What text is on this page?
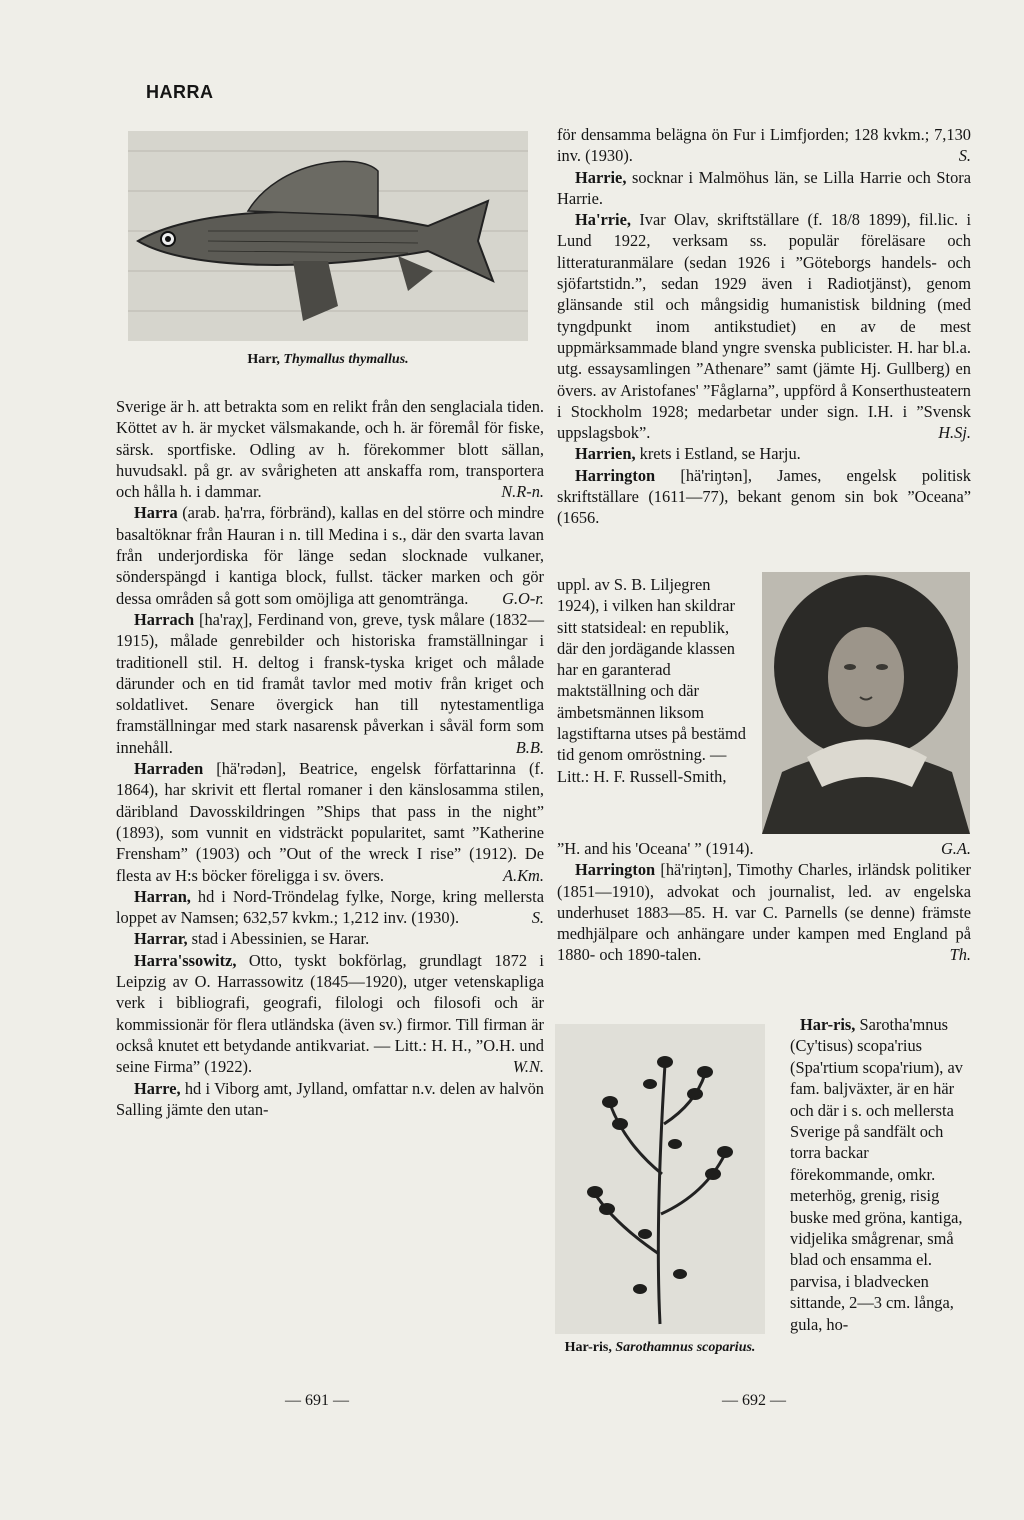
HARRA
Harr, Thymallus thymallus.

Sverige är h. att betrakta som en relikt från den senglaciala tiden. Köttet av h. är mycket välsmakande, och h. är föremål för fiske, särsk. sportfiske. Odling av h. förekommer blott sällan, huvudsakl. på gr. av svårigheten att anskaffa rom, transportera och hålla h. i dammar.	N.R-n.

Harra (arab. ḥa'rra, förbränd), kallas en del större och mindre basaltöknar från Hauran i n. till Medina i s., där den svarta lavan från underjordiska för länge sedan slocknade vulkaner, sönderspängd i kantiga block, fullst. täcker marken och gör dessa områden så gott som omöjliga att genomtränga.	G.O-r.

Harrach [ha'raχ], Ferdinand von, greve, tysk målare (1832—1915), målade genrebilder och historiska framställningar i traditionell stil. H. deltog i fransk-tyska kriget och målade därunder och en tid framåt tavlor med motiv från kriget och soldatlivet. Senare övergick han till nytestamentliga framställningar med stark nasarensk påverkan i såväl form som innehåll.	B.B.

Harraden [hä'rədən], Beatrice, engelsk författarinna (f. 1864), har skrivit ett flertal romaner i den känslosamma stilen, däribland Davosskildringen ”Ships that pass in the night” (1893), som vunnit en vidsträckt popularitet, samt ”Katherine Frensham” (1903) och ”Out of the wreck I rise” (1912). De flesta av H:s böcker föreligga i sv. övers.	A.Km.

Harran, hd i Nord-Tröndelag fylke, Norge, kring mellersta loppet av Namsen; 632,57 kvkm.; 1,212 inv. (1930).	S.

Harrar, stad i Abessinien, se Harar.

Harra'ssowitz, Otto, tyskt bokförlag, grundlagt 1872 i Leipzig av O. Harrassowitz (1845—1920), utger vetenskapliga verk i bibliografi, geografi, filologi och filosofi och är kommissionär för flera utländska (även sv.) firmor. Till firman är också knutet ett betydande antikvariat. — Litt.: H. H., ”O.H. und seine Firma” (1922).	W.N.

Harre, hd i Viborg amt, Jylland, omfattar n.v. delen av halvön Salling jämte den utan-

för densamma belägna ön Fur i Limfjorden; 128 kvkm.; 7,130 inv. (1930).	S.

Harrie, socknar i Malmöhus län, se Lilla Harrie och Stora Harrie.

Ha'rrie, Ivar Olav, skriftställare (f. 18/8 1899), fil.lic. i Lund 1922, verksam ss. populär föreläsare och litteraturanmälare (sedan 1926 i ”Göteborgs handels- och sjöfartstidn.”, sedan 1929 även i Radiotjänst), genom glänsande stil och mångsidig humanistisk bildning (med tyngdpunkt inom antikstudiet) en av de mest uppmärksammade bland yngre svenska publicister. H. har bl.a. utg. essaysamlingen ”Athenare” samt (jämte Hj. Gullberg) en övers. av Aristofanes' ”Fåglarna”, uppförd å Konserthusteatern i Stockholm 1928; medarbetar under sign. I.H. i ”Svensk uppslagsbok”.	H.Sj.

Harrien, krets i Estland, se Harju.

Harrington [hä'riŋtən], James, engelsk politisk skriftställare (1611—77), bekant genom sin bok ”Oceana” (1656.

uppl. av S. B. Liljegren 1924), i vilken han skildrar sitt statsideal: en republik, där den jordägande klassen har en garanterad maktställning och där ämbetsmännen liksom lagstiftarna utses på bestämd tid genom omröstning. — Litt.: H. F. Russell-Smith,

”H. and his 'Oceana' ” (1914).	G.A.

Harrington [hä'riŋtən], Timothy Charles, irländsk politiker (1851—1910), advokat och journalist, led. av engelska underhuset 1883—85. H. var C. Parnells (se denne) främste medhjälpare och anhängare under kampen med England på 1880- och 1890-talen.	Th.

Har-ris, Sarothamnus scoparius.

Har-ris, Sarotha'mnus (Cy'tisus) scopa'rius (Spa'rtium scopa'rium), av fam. baljväxter, är en här och där i s. och mellersta Sverige på sandfält och torra backar förekommande, omkr. meterhög, grenig, risig buske med gröna, kantiga, vidjelika smågrenar, små blad och ensamma el. parvisa, i bladvecken sittande, 2—3 cm. långa, gula, ho-

— 691 —	— 692 —
